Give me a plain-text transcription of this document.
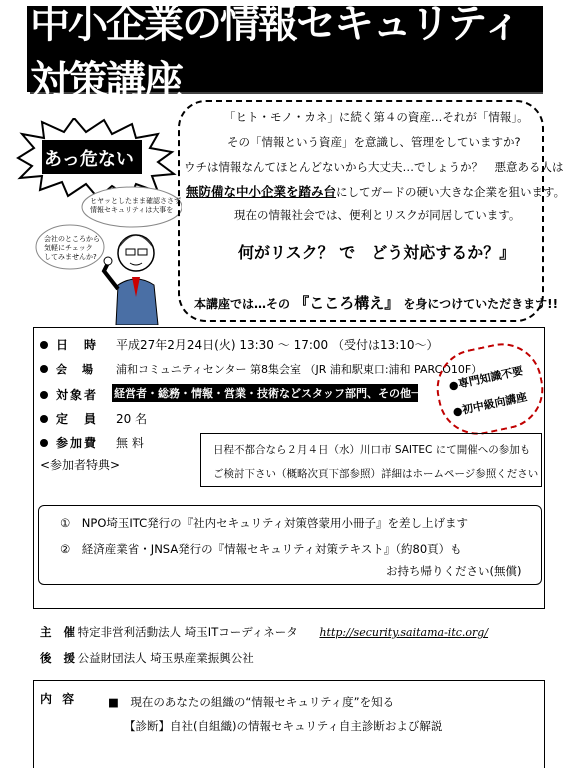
中小企業の情報セキュリティ対策講座
あっ危ない
ヒヤッとしたまま確認ささず
情報セキュリティは大事を
会社のところから
気軽にチェック
してみませんか?
「ヒト・モノ・カネ」に続く第４の資産…それが「情報」。
その「情報という資産」を意識し、管理をしていますか?
ウチは情報なんてほとんどないから大丈夫…でしょうか？　悪意ある人は
無防備な中小企業を踏み台にしてガードの硬い大きな企業を狙います。
現在の情報社会では、便利とリスクが同居しています。
何がリスク？ で　どう対応するか？』
本講座では…その 『こころ構え』 を身につけていただきます!!
日　時	平成27年2月24日(火) 13:30 ～ 17:00 （受付は13:10～）
会　場	浦和コミュニティセンター 第8集会室 （JR 浦和駅東口:浦和 PARCO10F）
対象者	経営者・総務・情報・営業・技術などスタッフ部門、その他一般従業員
定　員	20 名
参加費	無 料
●専門知識不要
●初中級向講座
日程不都合なら２月４日（水）川口市 SAITEC にて開催への参加も
ご検討下さい（概略次頁下部参照）詳細はホームページ参照ください
<参加者特典>
①　NPO埼玉ITC発行の『社内セキュリティ対策啓蒙用小冊子』を差し上げます
②　経済産業省・JNSA発行の『情報セキュリティ対策テキスト』（約80頁）も
お持ち帰りください(無償)
主 催 特定非営利活動法人 埼玉ITコーディネータ http://security.saitama-itc.org/
後 援 公益財団法人 埼玉県産業振興公社
内 容	■　現在のあなたの組織の“情報セキュリティ度”を知る
【診断】自社(自組織)の情報セキュリティ自主診断および解説
